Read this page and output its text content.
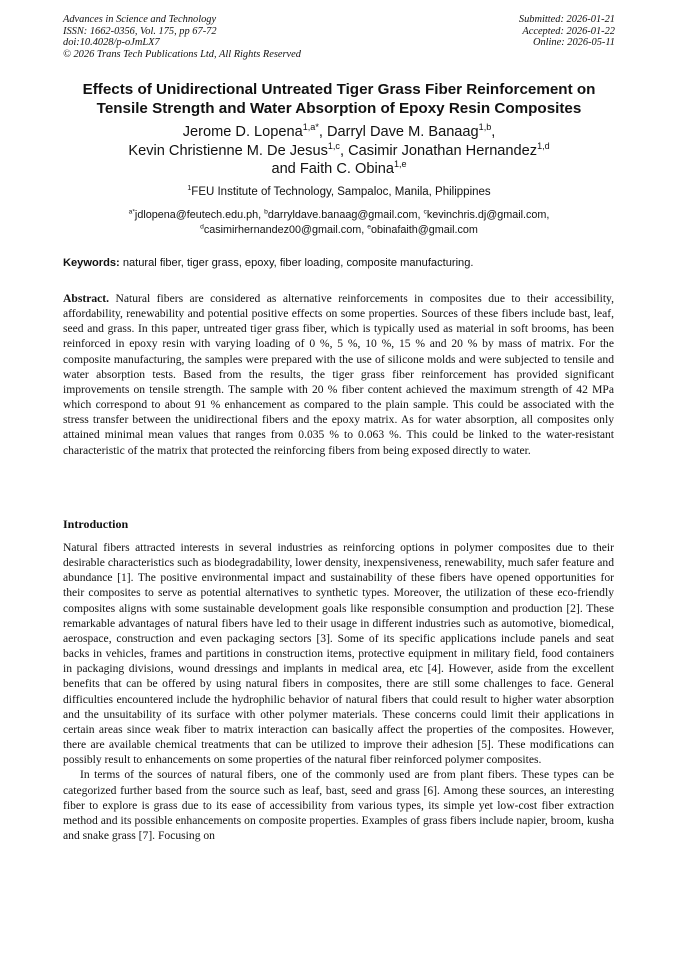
Advances in Science and Technology
ISSN: 1662-0356, Vol. 175, pp 67-72
doi:10.4028/p-oJmLX7
© 2026 Trans Tech Publications Ltd, All Rights Reserved
Submitted: 2026-01-21
Accepted: 2026-01-22
Online: 2026-05-11
Effects of Unidirectional Untreated Tiger Grass Fiber Reinforcement on
Tensile Strength and Water Absorption of Epoxy Resin Composites
Jerome D. Lopena$^{1,a*}$, Darryl Dave M. Banaag$^{1,b}$,
Kevin Christienne M. De Jesus$^{1,c}$, Casimir Jonathan Hernandez$^{1,d}$
and Faith C. Obina$^{1,e}$
$^1$FEU Institute of Technology, Sampaloc, Manila, Philippines
$^{a*}$jdlopena@feutech.edu.ph, $^b$darryldave.banaag@gmail.com, $^c$kevinchris.dj@gmail.com,
$^d$casimirhernandez00@gmail.com, $^e$obinafaith@gmail.com
Keywords: natural fiber, tiger grass, epoxy, fiber loading, composite manufacturing.
Abstract. Natural fibers are considered as alternative reinforcements in composites due to their accessibility, affordability, renewability and potential positive effects on some properties. Sources of these fibers include bast, leaf, seed and grass. In this paper, untreated tiger grass fiber, which is typically used as material in soft brooms, has been reinforced in epoxy resin with varying loading of 0 %, 5 %, 10 %, 15 % and 20 % by mass of matrix. For the composite manufacturing, the samples were prepared with the use of silicone molds and were subjected to tensile and water absorption tests. Based from the results, the tiger grass fiber reinforcement has provided significant improvements on tensile strength. The sample with 20 % fiber content achieved the maximum strength of 42 MPa which correspond to about 91 % enhancement as compared to the plain sample. This could be associated with the stress transfer between the unidirectional fibers and the epoxy matrix. As for water absorption, all composites only attained minimal mean values that ranges from 0.035 % to 0.063 %. This could be linked to the water-resistant characteristic of the matrix that protected the reinforcing fibers from being exposed directly to water.
Introduction

Natural fibers attracted interests in several industries as reinforcing options in polymer composites due to their desirable characteristics such as biodegradability, lower density, inexpensiveness, renewability, much safer feature and abundance [1]. The positive environmental impact and sustainability of these fibers have opened opportunities for their composites to serve as potential alternatives to synthetic types. Moreover, the utilization of these eco-friendly composites aligns with some sustainable development goals like responsible consumption and production [2]. These remarkable advantages of natural fibers have led to their usage in different industries such as automotive, biomedical, aerospace, construction and even packaging sectors [3]. Some of its specific applications include panels and seat backs in vehicles, frames and partitions in construction items, protective equipment in military field, food containers in packaging divisions, wound dressings and implants in medical area, etc [4]. However, aside from the excellent benefits that can be offered by using natural fibers in composites, there are still some challenges to face. General difficulties encountered include the hydrophilic behavior of natural fibers that could result to higher water absorption and the unsuitability of its surface with other polymer materials. These concerns could limit their applications in certain areas since weak fiber to matrix interaction can basically affect the properties of the composites. However, there are available chemical treatments that can be utilized to improve their adhesion [5]. These modifications can possibly result to enhancements on some properties of the natural fiber reinforced polymer composites.

In terms of the sources of natural fibers, one of the commonly used are from plant fibers. These types can be categorized further based from the source such as leaf, bast, seed and grass [6]. Among these sources, an interesting fiber to explore is grass due to its ease of accessibility from various types, its simple yet low-cost fiber extraction method and its possible enhancements on composite properties. Examples of grass fibers include napier, broom, kusha and snake grass [7]. Focusing on
